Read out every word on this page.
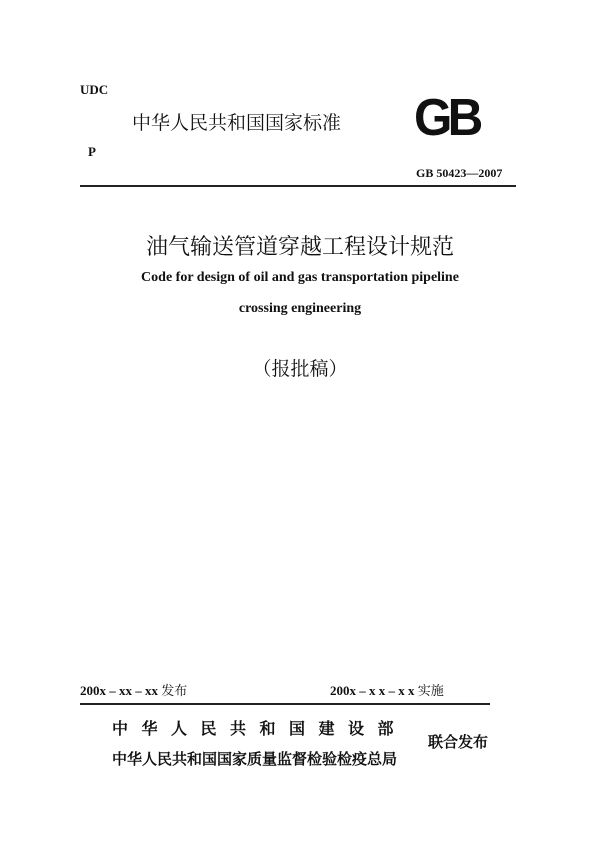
UDC
中华人民共和国国家标准 GB
P
GB 50423—2007
油气输送管道穿越工程设计规范
Code for design of oil and gas transportation pipeline
crossing engineering
（报批稿）
200x – xx – xx 发布	200x – x x – x x 实施
中华人民共和国建设部
中华人民共和国国家质量监督检验检疫总局
联合发布
